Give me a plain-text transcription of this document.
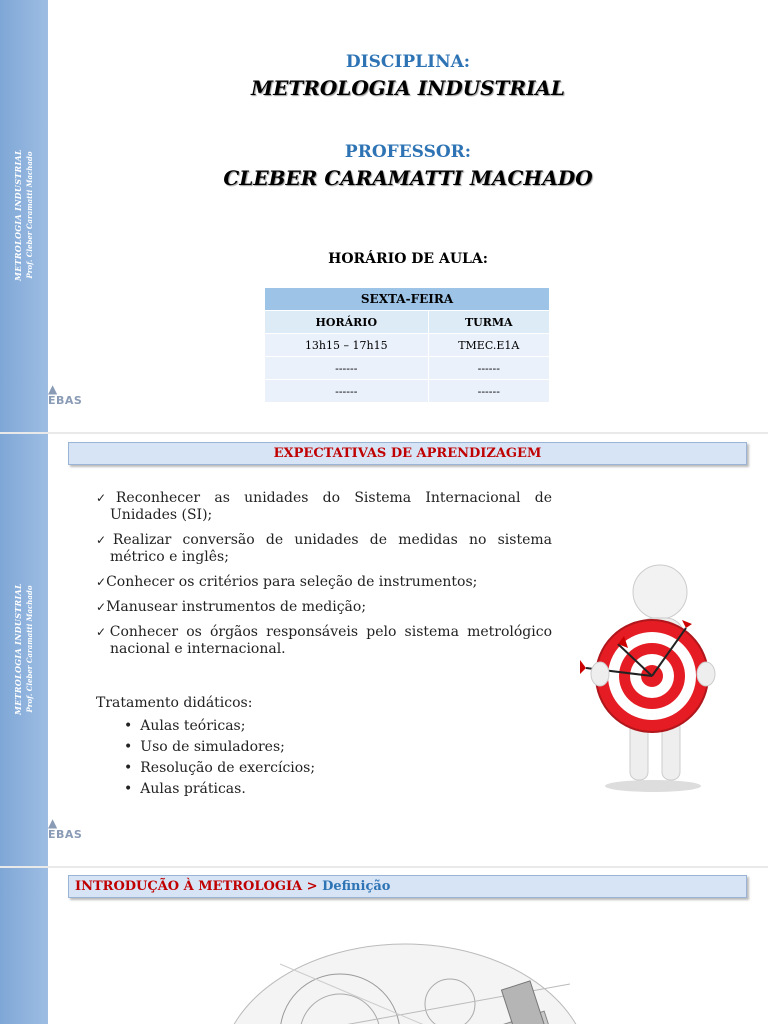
METROLOGIA INDUSTRIAL Prof. Cleber Caramatti Machado
▲
EBAS
DISCIPLINA:
METROLOGIA INDUSTRIAL
PROFESSOR:
CLEBER CARAMATTI MACHADO
HORÁRIO DE AULA:
SEXTA-FEIRA	
HORÁRIO	TURMA
13h15 – 17h15	TMEC.E1A
------	------
------	------
METROLOGIA INDUSTRIAL Prof. Cleber Caramatti Machado
▲
EBAS
EXPECTATIVAS DE APRENDIZAGEM
✓Reconhecer as unidades do Sistema Internacional de Unidades (SI);
✓Realizar conversão de unidades de medidas no sistema métrico e inglês;
✓Conhecer os critérios para seleção de instrumentos;
✓Manusear instrumentos de medição;
✓Conhecer os órgãos responsáveis pelo sistema metrológico nacional e internacional.
Tratamento didáticos:
• Aulas teóricas;
• Uso de simuladores;
• Resolução de exercícios;
• Aulas práticas.
INTRODUÇÃO À METROLOGIA > Definição
